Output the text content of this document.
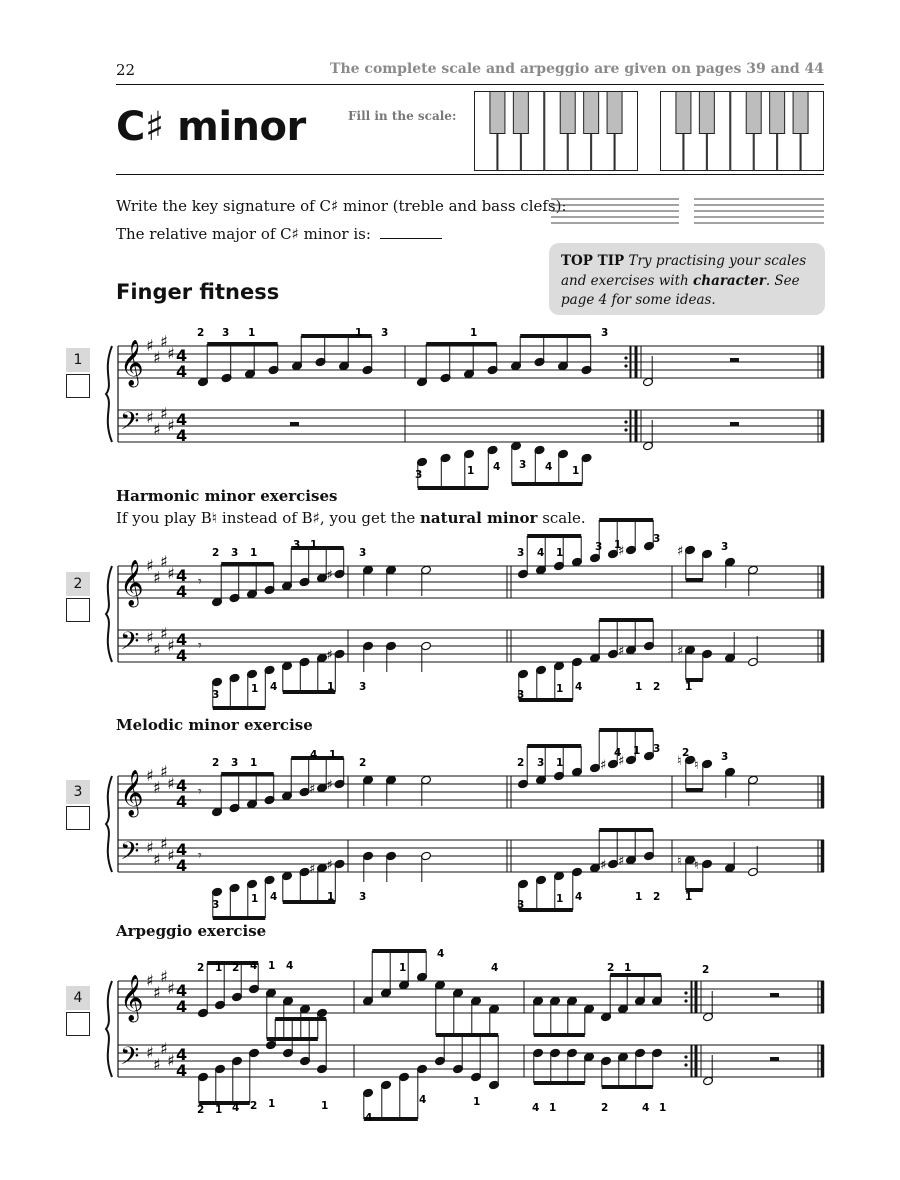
22	The complete scale and arpeggio are given on pages 39 and 44
C♯ minor	Fill in the scale:
Write the key signature of C♯ minor (treble and bass clefs):
The relative major of C♯ minor is:
TOP TIP Try practising your scales and exercises with character. See page 4 for some ideas.
Finger fitness
1
Harmonic minor exercises
If you play B♮ instead of B♯, you get the natural minor scale.
2
Melodic minor exercise
3
Arpeggio exercise
4
𝄞
𝄢
♯
♯
♯
♯
♯
♯
♯
♯
4
4
4
4
2 3 1	1 3	1	3
3	1 4 3 4 1
𝄞
𝄢
♯
♯
♯
♯
♯
♯
♯
♯
4
4
4
4
♯
♯	♯
♯	♯	♯
𝄾
𝄾
2 3 1
3 1
3	3 4 1	3 1	3
3
3	1 4	1 3
3	1 4	1 2 1
𝄞
𝄢
♯
♯
♯
♯
♯
♯
♯
♯
4
4
4
4
♯ ♯
♯ ♯	♮ ♮
♯ ♯	♯ ♯	♮ ♮
𝄾
𝄾
2 3 1
4 1
2	2 3 1
4 1 3 2	3
3	1 4	1 3
3	1 4	1 2 1
𝄞
𝄢
♯
♯
♯
♯
♯
♯
♯
♯
4
4
4
4
2 1 2 4 1 4	1
4
4	2 1	2
2 1 4 2 1	1
4
4	1	4 1	2	4 1
